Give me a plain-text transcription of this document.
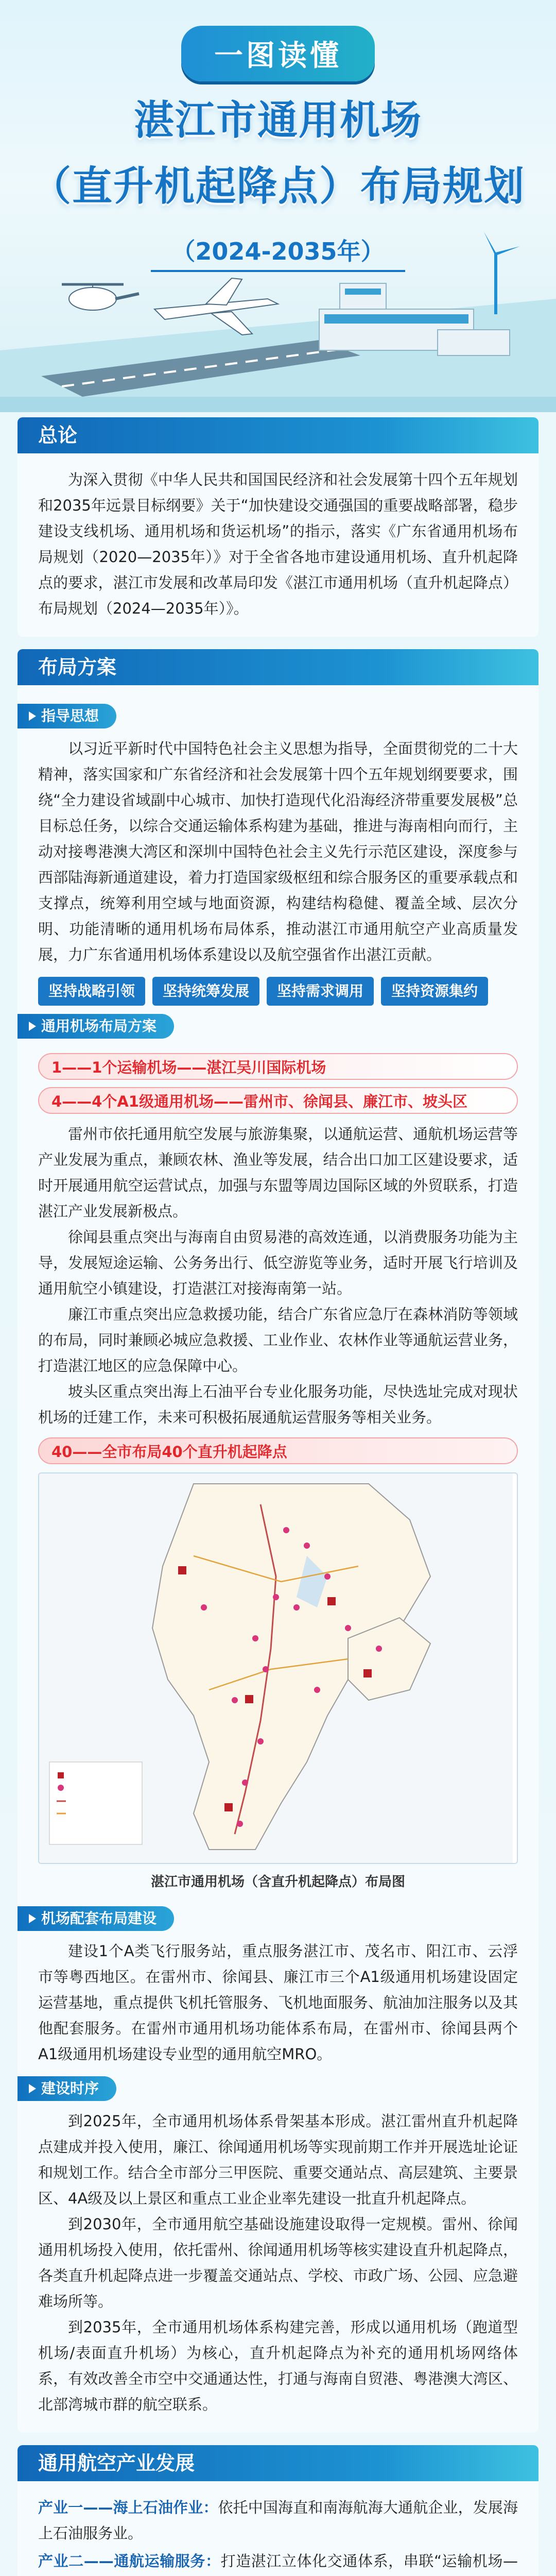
一图读懂
湛江市通用机场
（直升机起降点）布局规划
（2024-2035年）
总论

为深入贯彻《中华人民共和国国民经济和社会发展第十四个五年规划和2035年远景目标纲要》关于“加快建设交通强国的重要战略部署，稳步建设支线机场、通用机场和货运机场”的指示，落实《广东省通用机场布局规划（2020—2035年）》对于全省各地市建设通用机场、直升机起降点的要求，湛江市发展和改革局印发《湛江市通用机场（直升机起降点）布局规划（2024—2035年）》。

布局方案
指导思想

以习近平新时代中国特色社会主义思想为指导，全面贯彻党的二十大精神，落实国家和广东省经济和社会发展第十四个五年规划纲要要求，围绕“全力建设省域副中心城市、加快打造现代化沿海经济带重要发展极”总目标总任务，以综合交通运输体系构建为基础，推进与海南相向而行，主动对接粤港澳大湾区和深圳中国特色社会主义先行示范区建设，深度参与西部陆海新通道建设，着力打造国家级枢纽和综合服务区的重要承载点和支撑点，统筹利用空域与地面资源，构建结构稳健、覆盖全域、层次分明、功能清晰的通用机场布局体系，推动湛江市通用航空产业高质量发展，力广东省通用机场体系建设以及航空强省作出湛江贡献。

坚持战略引领	坚持统筹发展	坚持需求调用	坚持资源集约
通用机场布局方案
1——1个运输机场——湛江吴川国际机场
4——4个A1级通用机场——雷州市、徐闻县、廉江市、坡头区

雷州市依托通用航空发展与旅游集聚，以通航运营、通航机场运营等产业发展为重点，兼顾农林、渔业等发展，结合出口加工区建设要求，适时开展通用航空运营试点，加强与东盟等周边国际区域的外贸联系，打造湛江产业发展新极点。

徐闻县重点突出与海南自由贸易港的高效连通，以消费服务功能为主导，发展短途运输、公务务出行、低空游览等业务，适时开展飞行培训及通用航空小镇建设，打造湛江对接海南第一站。

廉江市重点突出应急救援功能，结合广东省应急厅在森林消防等领域的布局，同时兼顾必城应急救援、工业作业、农林作业等通航运营业务，打造湛江地区的应急保障中心。

坡头区重点突出海上石油平台专业化服务功能，尽快选址完成对现状机场的迁建工作，未来可积极拓展通航运营服务等相关业务。

40——全市布局40个直升机起降点
湛江市通用机场（含直升机起降点）布局图
机场配套布局建设

建设1个A类飞行服务站，重点服务湛江市、茂名市、阳江市、云浮市等粤西地区。在雷州市、徐闻县、廉江市三个A1级通用机场建设固定运营基地，重点提供飞机托管服务、飞机地面服务、航油加注服务以及其他配套服务。在雷州市通用机场功能体系布局，在雷州市、徐闻县两个A1级通用机场建设专业型的通用航空MRO。

建设时序

到2025年，全市通用机场体系骨架基本形成。湛江雷州直升机起降点建成并投入使用，廉江、徐闻通用机场等实现前期工作并开展选址论证和规划工作。结合全市部分三甲医院、重要交通站点、高层建筑、主要景区、4A级及以上景区和重点工业企业率先建设一批直升机起降点。

到2030年，全市通用航空基础设施建设取得一定规模。雷州、徐闻通用机场投入使用，依托雷州、徐闻通用机场等核实建设直升机起降点，各类直升机起降点进一步覆盖交通站点、学校、市政广场、公园、应急避难场所等。

到2035年，全市通用机场体系构建完善，形成以通用机场（跑道型机场/表面直升机场）为核心，直升机起降点为补充的通用机场网络体系，有效改善全市空中交通通达性，打通与海南自贸港、粤港澳大湾区、北部湾城市群的航空联系。

通用航空产业发展

产业一——海上石油作业：依托中国海直和南海航海大通航企业，发展海上石油服务业。

产业二——通航运输服务：打造湛江立体化交通体系，串联“运输机场—
